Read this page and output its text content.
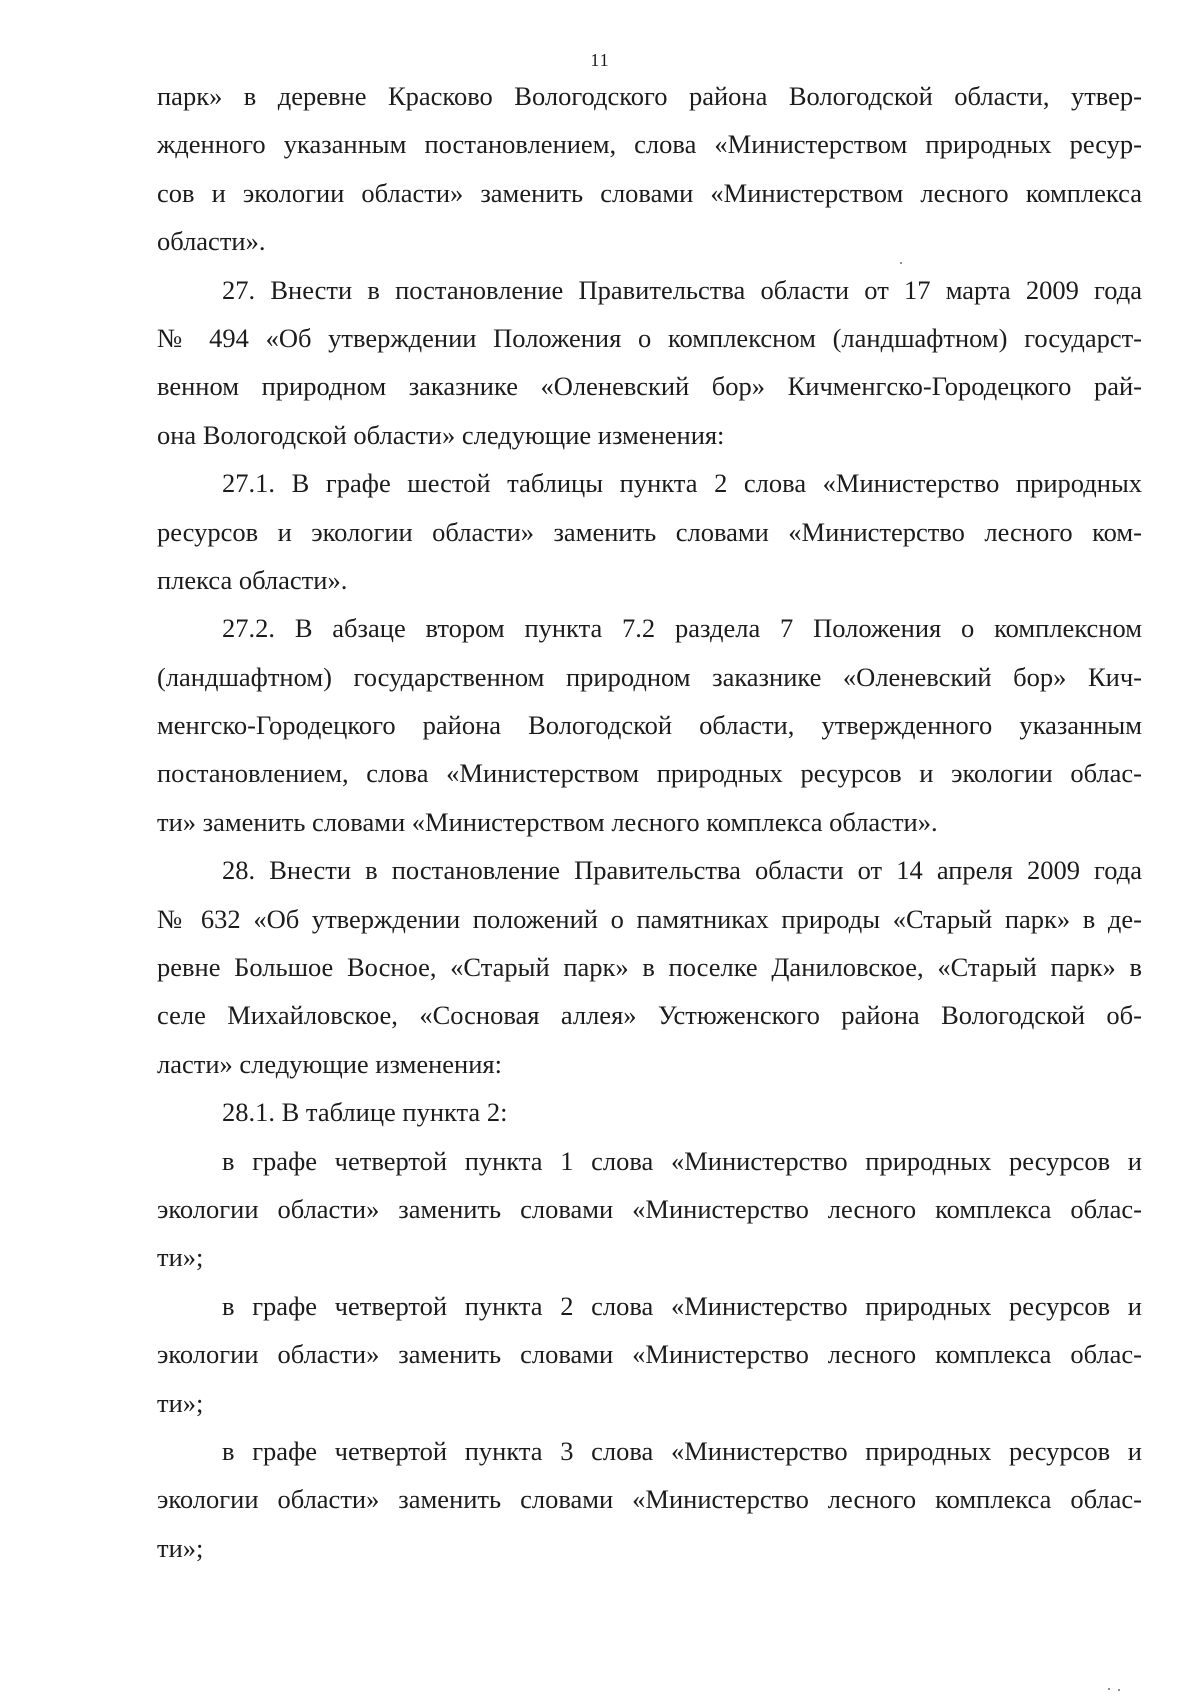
11
парк» в деревне Красково Вологодского района Вологодской области, утвер-
жденного указанным постановлением, слова «Министерством природных ресур-
сов и экологии области» заменить словами «Министерством лесного комплекса
области».
27. Внести в постановление Правительства области от 17 марта 2009 года
№ 494 «Об утверждении Положения о комплексном (ландшафтном) государст-
венном природном заказнике «Оленевский бор» Кичменгско-Городецкого рай-
она Вологодской области» следующие изменения:
27.1. В графе шестой таблицы пункта 2 слова «Министерство природных
ресурсов и экологии области» заменить словами «Министерство лесного ком-
плекса области».
27.2. В абзаце втором пункта 7.2 раздела 7 Положения о комплексном
(ландшафтном) государственном природном заказнике «Оленевский бор» Кич-
менгско-Городецкого района Вологодской области, утвержденного указанным
постановлением, слова «Министерством природных ресурсов и экологии облас-
ти» заменить словами «Министерством лесного комплекса области».
28. Внести в постановление Правительства области от 14 апреля 2009 года
№ 632 «Об утверждении положений о памятниках природы «Старый парк» в де-
ревне Большое Восное, «Старый парк» в поселке Даниловское, «Старый парк» в
селе Михайловское, «Сосновая аллея» Устюженского района Вологодской об-
ласти» следующие изменения:
28.1. В таблице пункта 2:
в графе четвертой пункта 1 слова «Министерство природных ресурсов и
экологии области» заменить словами «Министерство лесного комплекса облас-
ти»;
в графе четвертой пункта 2 слова «Министерство природных ресурсов и
экологии области» заменить словами «Министерство лесного комплекса облас-
ти»;
в графе четвертой пункта 3 слова «Министерство природных ресурсов и
экологии области» заменить словами «Министерство лесного комплекса облас-
ти»;
